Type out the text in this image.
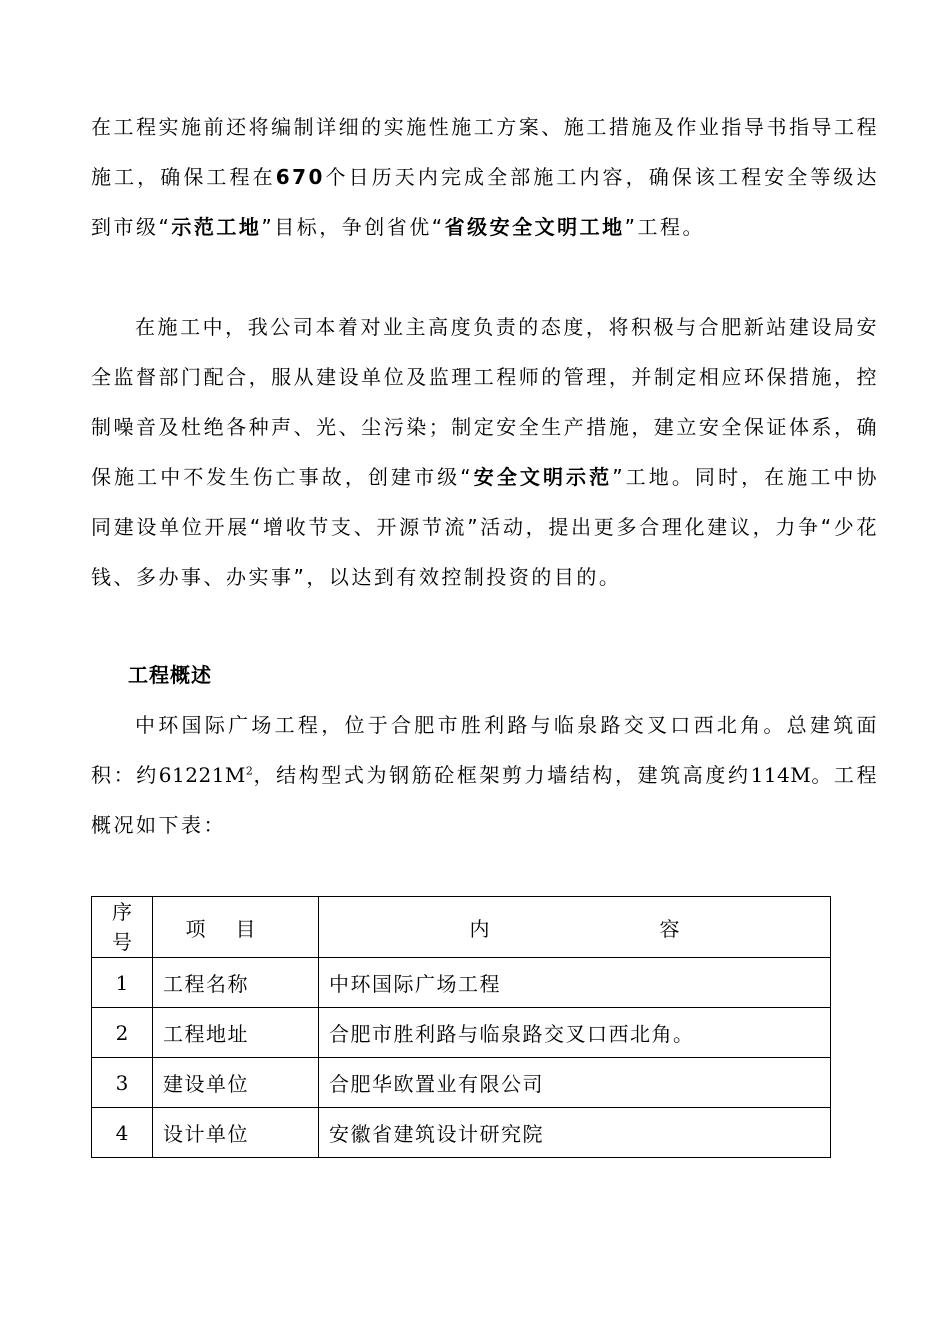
在工程实施前还将编制详细的实施性施工方案、施工措施及作业指导书指导工程施工，确保工程在670个日历天内完成全部施工内容，确保该工程安全等级达到市级“示范工地”目标，争创省优“省级安全文明工地”工程。

在施工中，我公司本着对业主高度负责的态度，将积极与合肥新站建设局安全监督部门配合，服从建设单位及监理工程师的管理，并制定相应环保措施，控制噪音及杜绝各种声、光、尘污染；制定安全生产措施，建立安全保证体系，确保施工中不发生伤亡事故，创建市级“安全文明示范”工地。同时，在施工中协同建设单位开展“增收节支、开源节流”活动，提出更多合理化建议，力争“少花钱、多办事、办实事”，以达到有效控制投资的目的。

工程概述

中环国际广场工程，位于合肥市胜利路与临泉路交叉口西北角。总建筑面积：约$61221M^2$，结构型式为钢筋砼框架剪力墙结构，建筑高度约114M。工程概况如下表：

序
号	项目	内 容
1	工程名称	中环国际广场工程
2	工程地址	合肥市胜利路与临泉路交叉口西北角。
3	建设单位	合肥华欧置业有限公司
4	设计单位	安徽省建筑设计研究院
